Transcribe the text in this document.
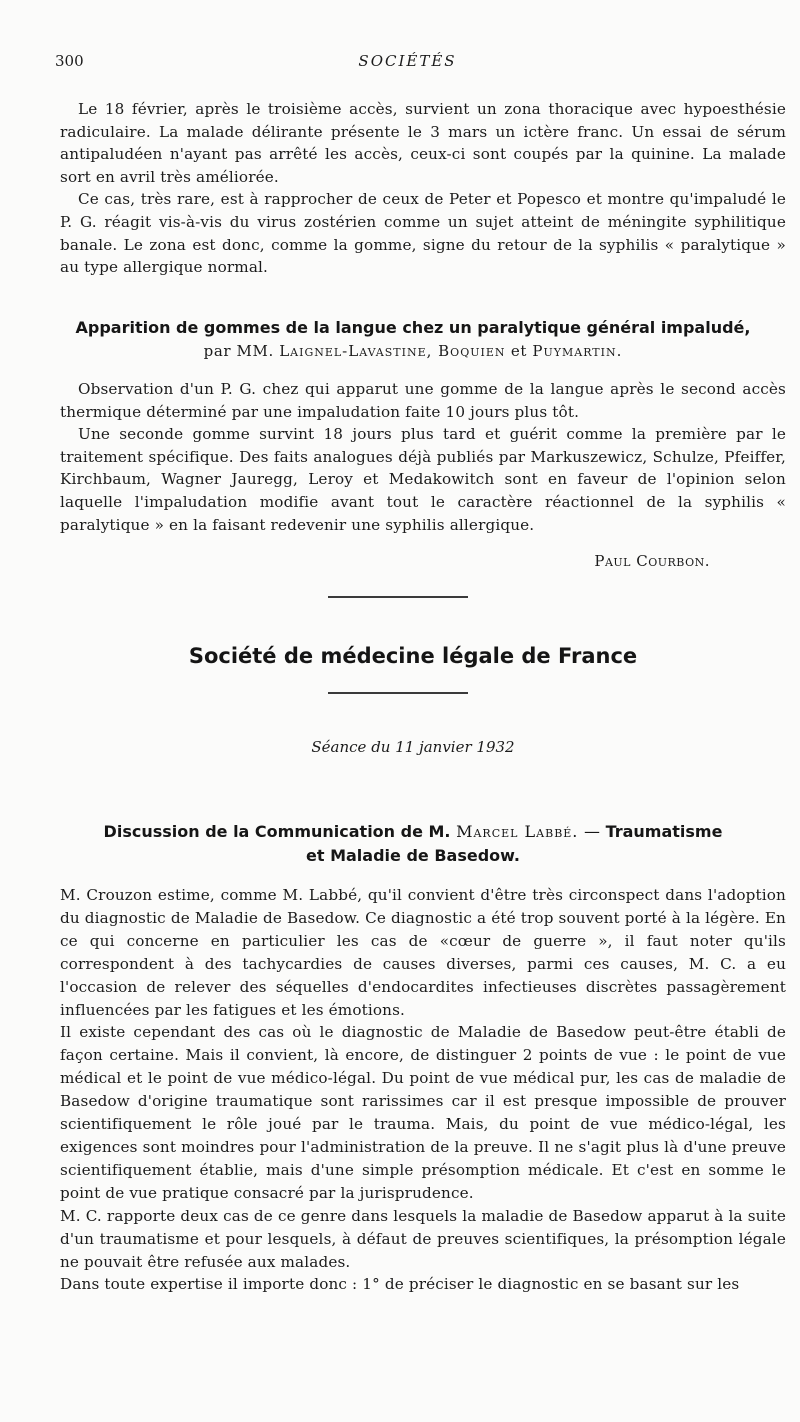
300	SOCIÉTÉS

Le 18 février, après le troisième accès, survient un zona thoracique avec hypoesthésie radiculaire. La malade délirante présente le 3 mars un ictère franc. Un essai de sérum antipaludéen n'ayant pas arrêté les accès, ceux-ci sont coupés par la quinine. La malade sort en avril très améliorée.

Ce cas, très rare, est à rapprocher de ceux de Peter et Popesco et montre qu'impaludé le P. G. réagit vis-à-vis du virus zostérien comme un sujet atteint de méningite syphilitique banale. Le zona est donc, comme la gomme, signe du retour de la syphilis « paralytique » au type allergique normal.

Apparition de gommes de la langue chez un paralytique général impaludé,
par MM. Laignel-Lavastine, Boquien et Puymartin.

Observation d'un P. G. chez qui apparut une gomme de la langue après le second accès thermique déterminé par une impaludation faite 10 jours plus tôt.

Une seconde gomme survint 18 jours plus tard et guérit comme la première par le traitement spécifique. Des faits analogues déjà publiés par Markuszewicz, Schulze, Pfeiffer, Kirchbaum, Wagner Jauregg, Leroy et Medakowitch sont en faveur de l'opinion selon laquelle l'impaludation modifie avant tout le caractère réactionnel de la syphilis « paralytique » en la faisant redevenir une syphilis allergique.

Paul Courbon.
Société de médecine légale de France
Séance du 11 janvier 1932
Discussion de la Communication de M. Marcel Labbé. — Traumatisme
et Maladie de Basedow.

M. Crouzon estime, comme M. Labbé, qu'il convient d'être très circonspect dans l'adoption du diagnostic de Maladie de Basedow. Ce diagnostic a été trop souvent porté à la légère. En ce qui concerne en particulier les cas de «cœur de guerre », il faut noter qu'ils correspondent à des tachycardies de causes diverses, parmi ces causes, M. C. a eu l'occasion de relever des séquelles d'endocardites infectieuses discrètes passagèrement influencées par les fatigues et les émotions.

Il existe cependant des cas où le diagnostic de Maladie de Basedow peut-être établi de façon certaine. Mais il convient, là encore, de distinguer 2 points de vue : le point de vue médical et le point de vue médico-légal. Du point de vue médical pur, les cas de maladie de Basedow d'origine traumatique sont rarissimes car il est presque impossible de prouver scientifiquement le rôle joué par le trauma. Mais, du point de vue médico-légal, les exigences sont moindres pour l'administration de la preuve. Il ne s'agit plus là d'une preuve scientifiquement établie, mais d'une simple présomption médicale. Et c'est en somme le point de vue pratique consacré par la jurisprudence.

M. C. rapporte deux cas de ce genre dans lesquels la maladie de Basedow apparut à la suite d'un traumatisme et pour lesquels, à défaut de preuves scientifiques, la présomption légale ne pouvait être refusée aux malades.

Dans toute expertise il importe donc : 1° de préciser le diagnostic en se basant sur les
